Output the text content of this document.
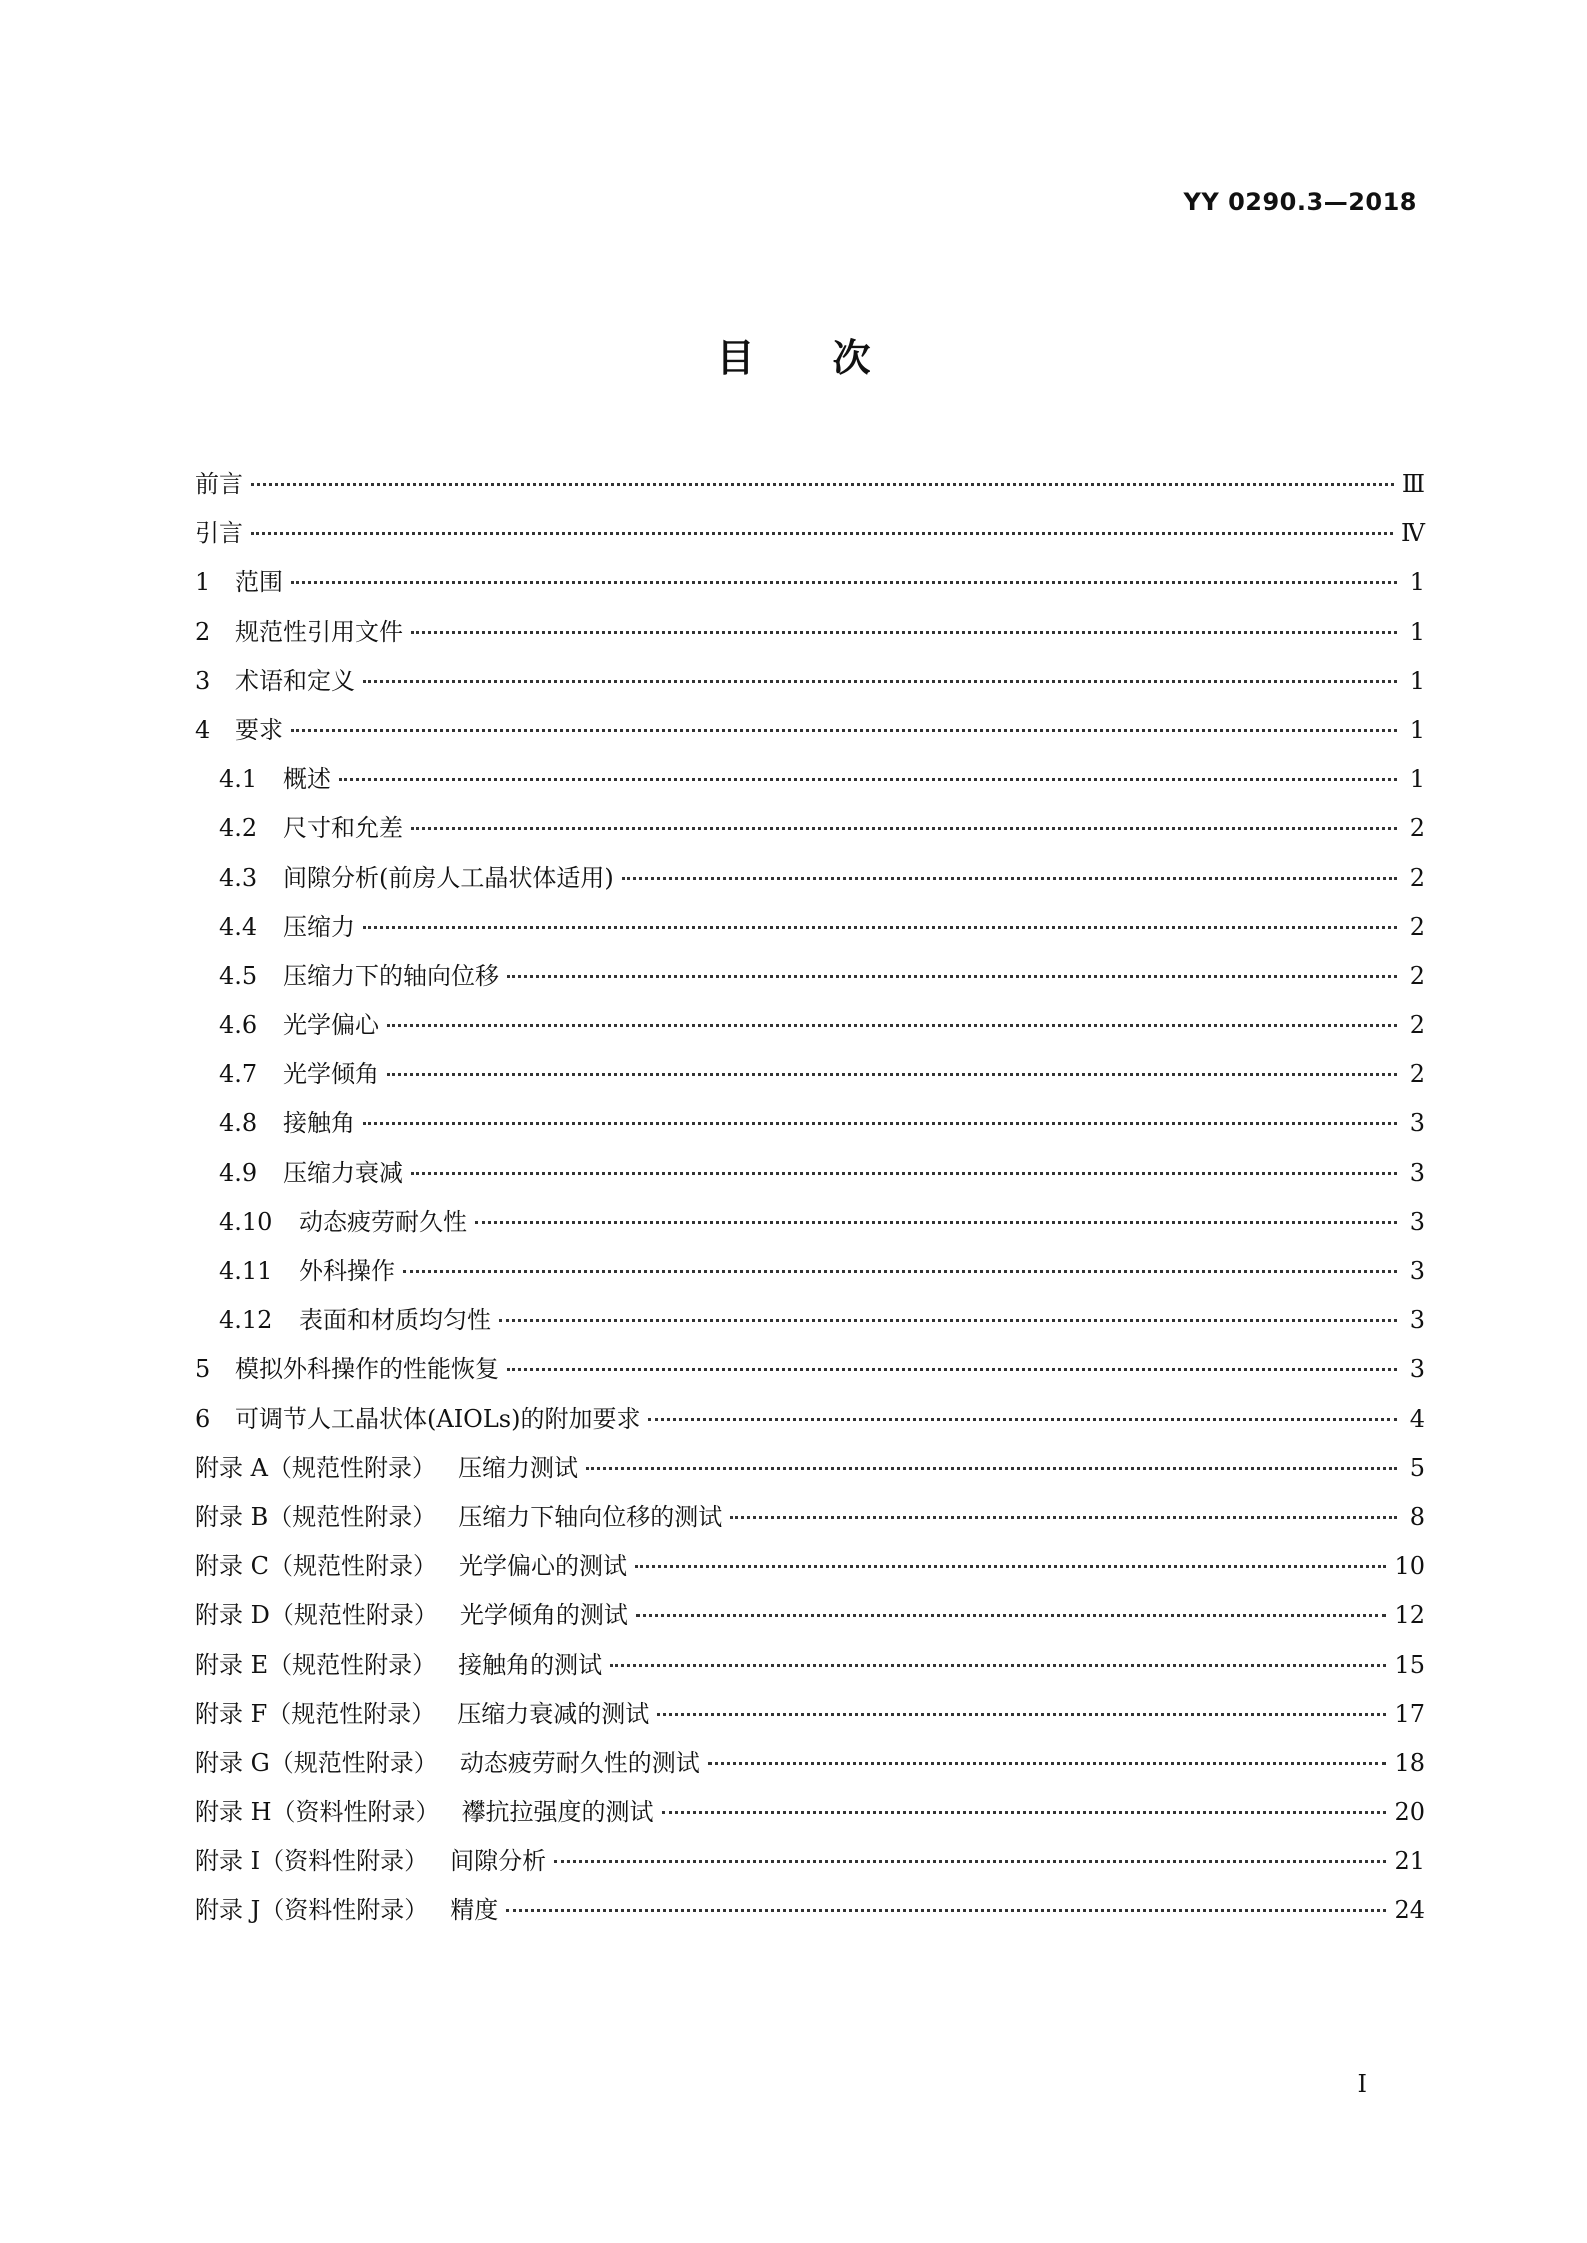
YY 0290.3—2018
目次
前言	Ⅲ
引言	Ⅳ
1	范围	1
2	规范性引用文件	1
3	术语和定义	1
4	要求	1
4.1	概述	1
4.2	尺寸和允差	2
4.3	间隙分析(前房人工晶状体适用)	2
4.4	压缩力	2
4.5	压缩力下的轴向位移	2
4.6	光学偏心	2
4.7	光学倾角	2
4.8	接触角	3
4.9	压缩力衰减	3
4.10	动态疲劳耐久性	3
4.11	外科操作	3
4.12	表面和材质均匀性	3
5	模拟外科操作的性能恢复	3
6	可调节人工晶状体(AIOLs)的附加要求	4
附录 A（规范性附录） 压缩力测试	5
附录 B（规范性附录） 压缩力下轴向位移的测试	8
附录 C（规范性附录） 光学偏心的测试	10
附录 D（规范性附录） 光学倾角的测试	12
附录 E（规范性附录） 接触角的测试	15
附录 F（规范性附录） 压缩力衰减的测试	17
附录 G（规范性附录） 动态疲劳耐久性的测试	18
附录 H（资料性附录） 襻抗拉强度的测试	20
附录 I（资料性附录） 间隙分析	21
附录 J（资料性附录） 精度	24
I
